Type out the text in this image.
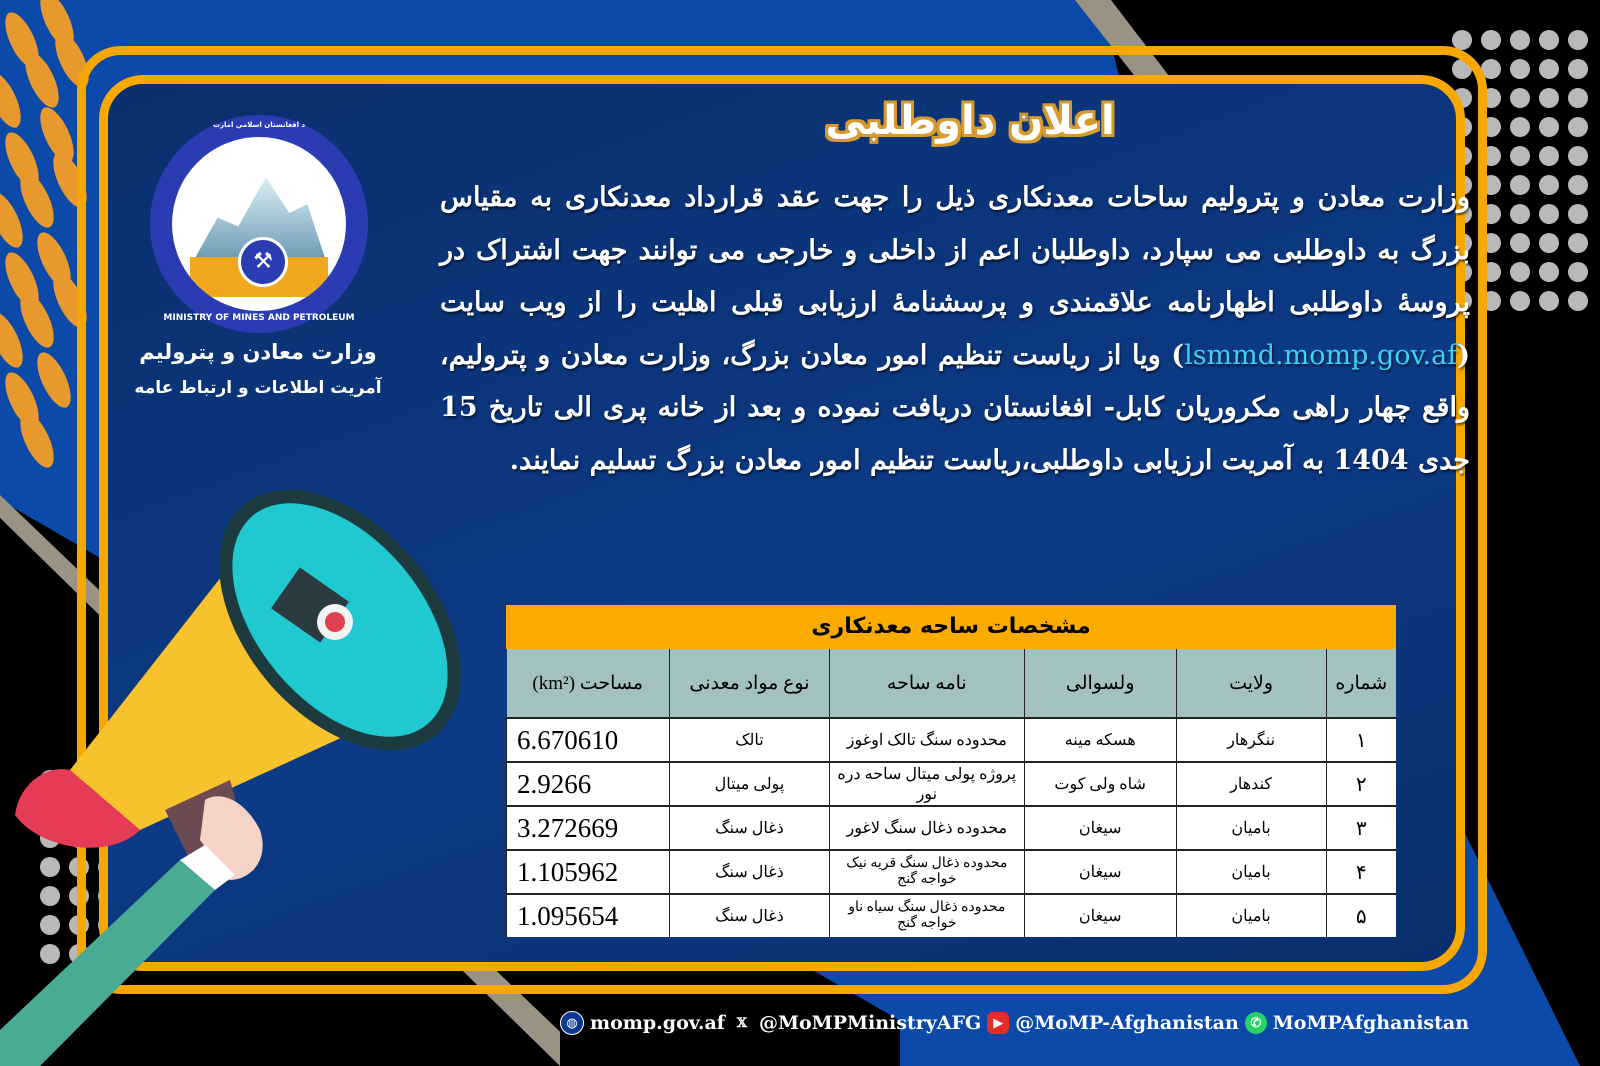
د افغانستان اسلامي امارت
⚒
MINISTRY OF MINES AND PETROLEUM
وزارت معادن و پترولیم
آمریت اطلاعات و ارتباط عامه
اعلان داوطلبی
وزارت معادن و پترولیم ساحات معدنکاری ذیل را جهت عقد قرارداد معدنکاری به مقیاس بزرگ به داوطلبی می سپارد، داوطلبان اعم از داخلی و خارجی می توانند جهت اشتراک در پروسهٔ داوطلبی اظهارنامه علاقمندی و پرسشنامهٔ ارزیابی قبلی اهلیت را از ویب سایت (lsmmd.momp.gov.af) ویا از ریاست تنظیم امور معادن بزرگ، وزارت معادن و پترولیم، واقع چهار راهی مکروریان کابل- افغانستان دریافت نموده و بعد از خانه پری الی تاریخ 15 جدی 1404 به آمریت ارزیابی داوطلبی،ریاست تنظیم امور معادن بزرگ تسلیم نمایند.
مشخصات ساحه معدنکاری
شماره	ولایت	ولسوالی	نامه ساحه	نوع مواد معدنی	مساحت (km²)
١	ننگرهار	هسکه مینه	محدوده سنگ تالک اوغوز	تالک	6.670610
٢	کندهار	شاه ولی کوت	پروژه پولی میتال ساحه دره نور	پولی میتال	2.9266
٣	بامیان	سیغان	محدوده ذغال سنگ لاغور	ذغال سنگ	3.272669
۴	بامیان	سیغان	محدوده ذغال سنگ قریه نیک خواجه گنج	ذغال سنگ	1.105962
۵	بامیان	سیغان	محدوده ذغال سنگ سیاه ناو خواجه گنج	ذغال سنگ	1.095654
◍ momp.gov.af 𝕏 @MoMPMinistryAFG ▶ @MoMP-Afghanistan ✆ MoMPAfghanistan
